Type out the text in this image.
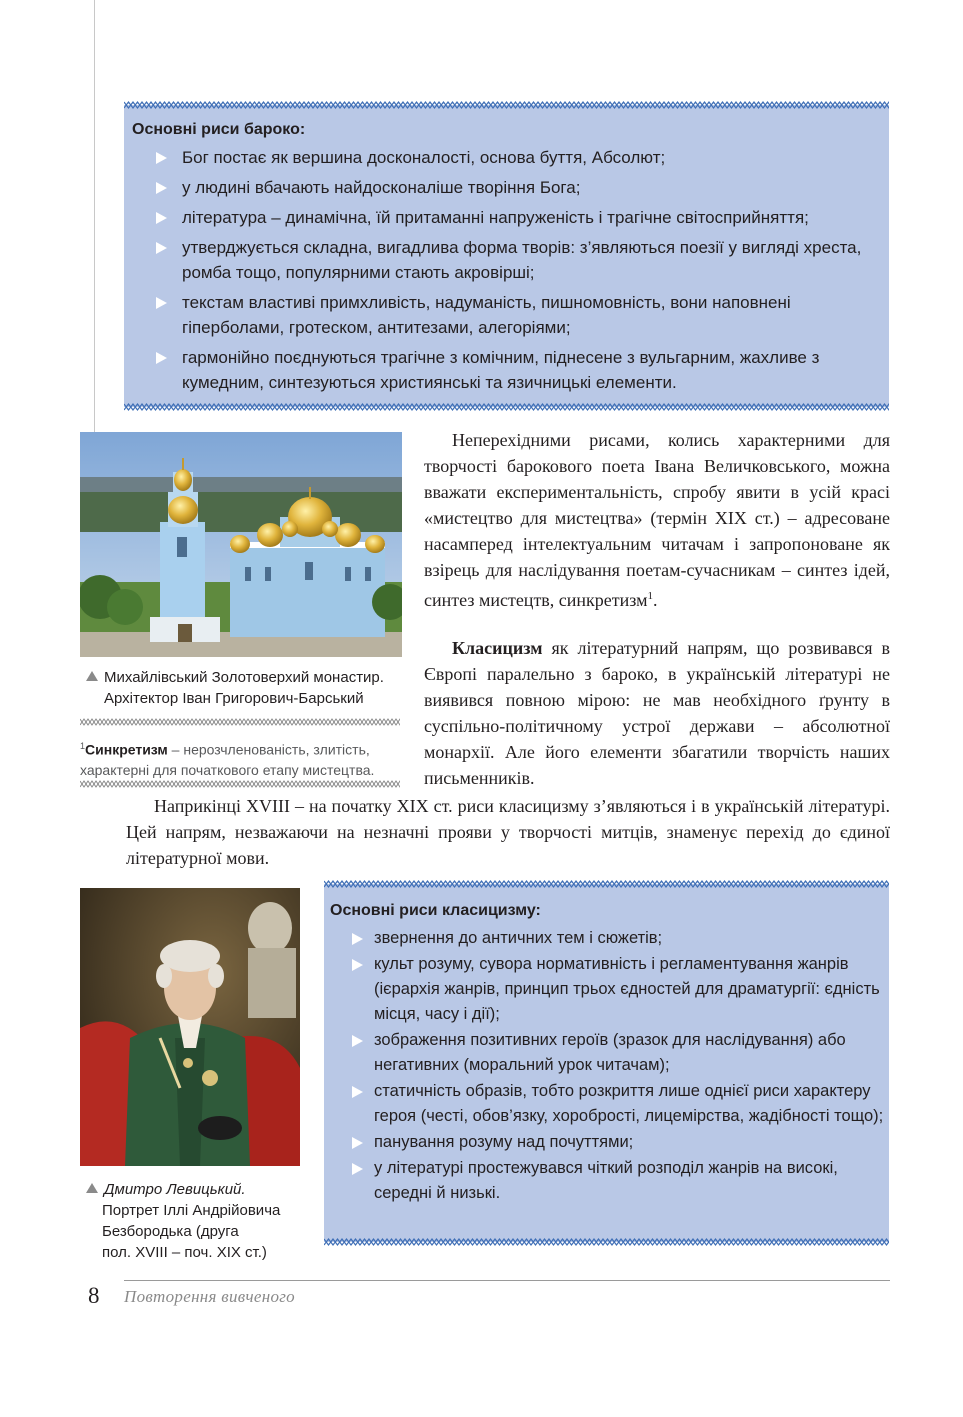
Основні риси бароко:
Бог постає як вершина досконалості, основа буття, Абсолют;
у людині вбачають найдосконаліше творіння Бога;
література – динамічна, їй притаманні напруженість і трагічне світосприйняття;
утверджується складна, вигадлива форма творів: з’являються поезії у вигляді хреста, ромба тощо, популярними стають акровірші;
текстам властиві примхливість, надуманість, пишномовність, вони наповнені гіперболами, гротеском, антитезами, алегоріями;
гармонійно поєднуються трагічне з комічним, піднесене з вульгарним, жахливе з кумедним, синтезуються християнські та язичницькі елементи.
Михайлівський Золотоверхий монастир.
Архітектор Іван Григорович-Барський
$^1$Синкретизм – нерозчленованість, злитість, характерні для початкового етапу мистецтва.
Неперехідними рисами, колись характерними для творчості барокового поета Івана Величковського, можна вважати експериментальність, спробу явити в усій красі «мистецтво для мистецтва» (термін XIX ст.) – адресоване насамперед інтелектуальним читачам і запропоноване як взірець для наслідування поетам-сучасникам – синтез ідей, синтез мистецтв, синкретизм$^1$.
Класицизм як літературний напрям, що розвивався в Європі паралельно з бароко, в українській літературі не виявився повною мірою: не мав необхідного ґрунту в суспільно-політичному устрої держави – абсолютної монархії. Але його елементи збагатили творчість наших письменників.
Наприкінці XVIII – на початку XIX ст. риси класицизму з’являються і в українській літературі. Цей напрям, незважаючи на незначні прояви у творчості митців, знаменує перехід до єдиної літературної мови.
Дмитро Левицький.
Портрет Іллі Андрійовича
Безбородька (друга
пол. XVIII – поч. XIX ст.)
Основні риси класицизму:
звернення до античних тем і сюжетів;
культ розуму, сувора нормативність і регламентування жанрів (ієрархія жанрів, принцип трьох єдностей для драматургії: єдність місця, часу і дії);
зображення позитивних героїв (зразок для наслідування) або негативних (моральний урок читачам);
статичність образів, тобто розкриття лише однієї риси характеру героя (честі, обов’язку, хоробрості, лицемірства, жадібності тощо);
панування розуму над почуттями;
у літературі простежувався чіткий розподіл жанрів на високі, середні й низькі.
8 Повторення вивченого
